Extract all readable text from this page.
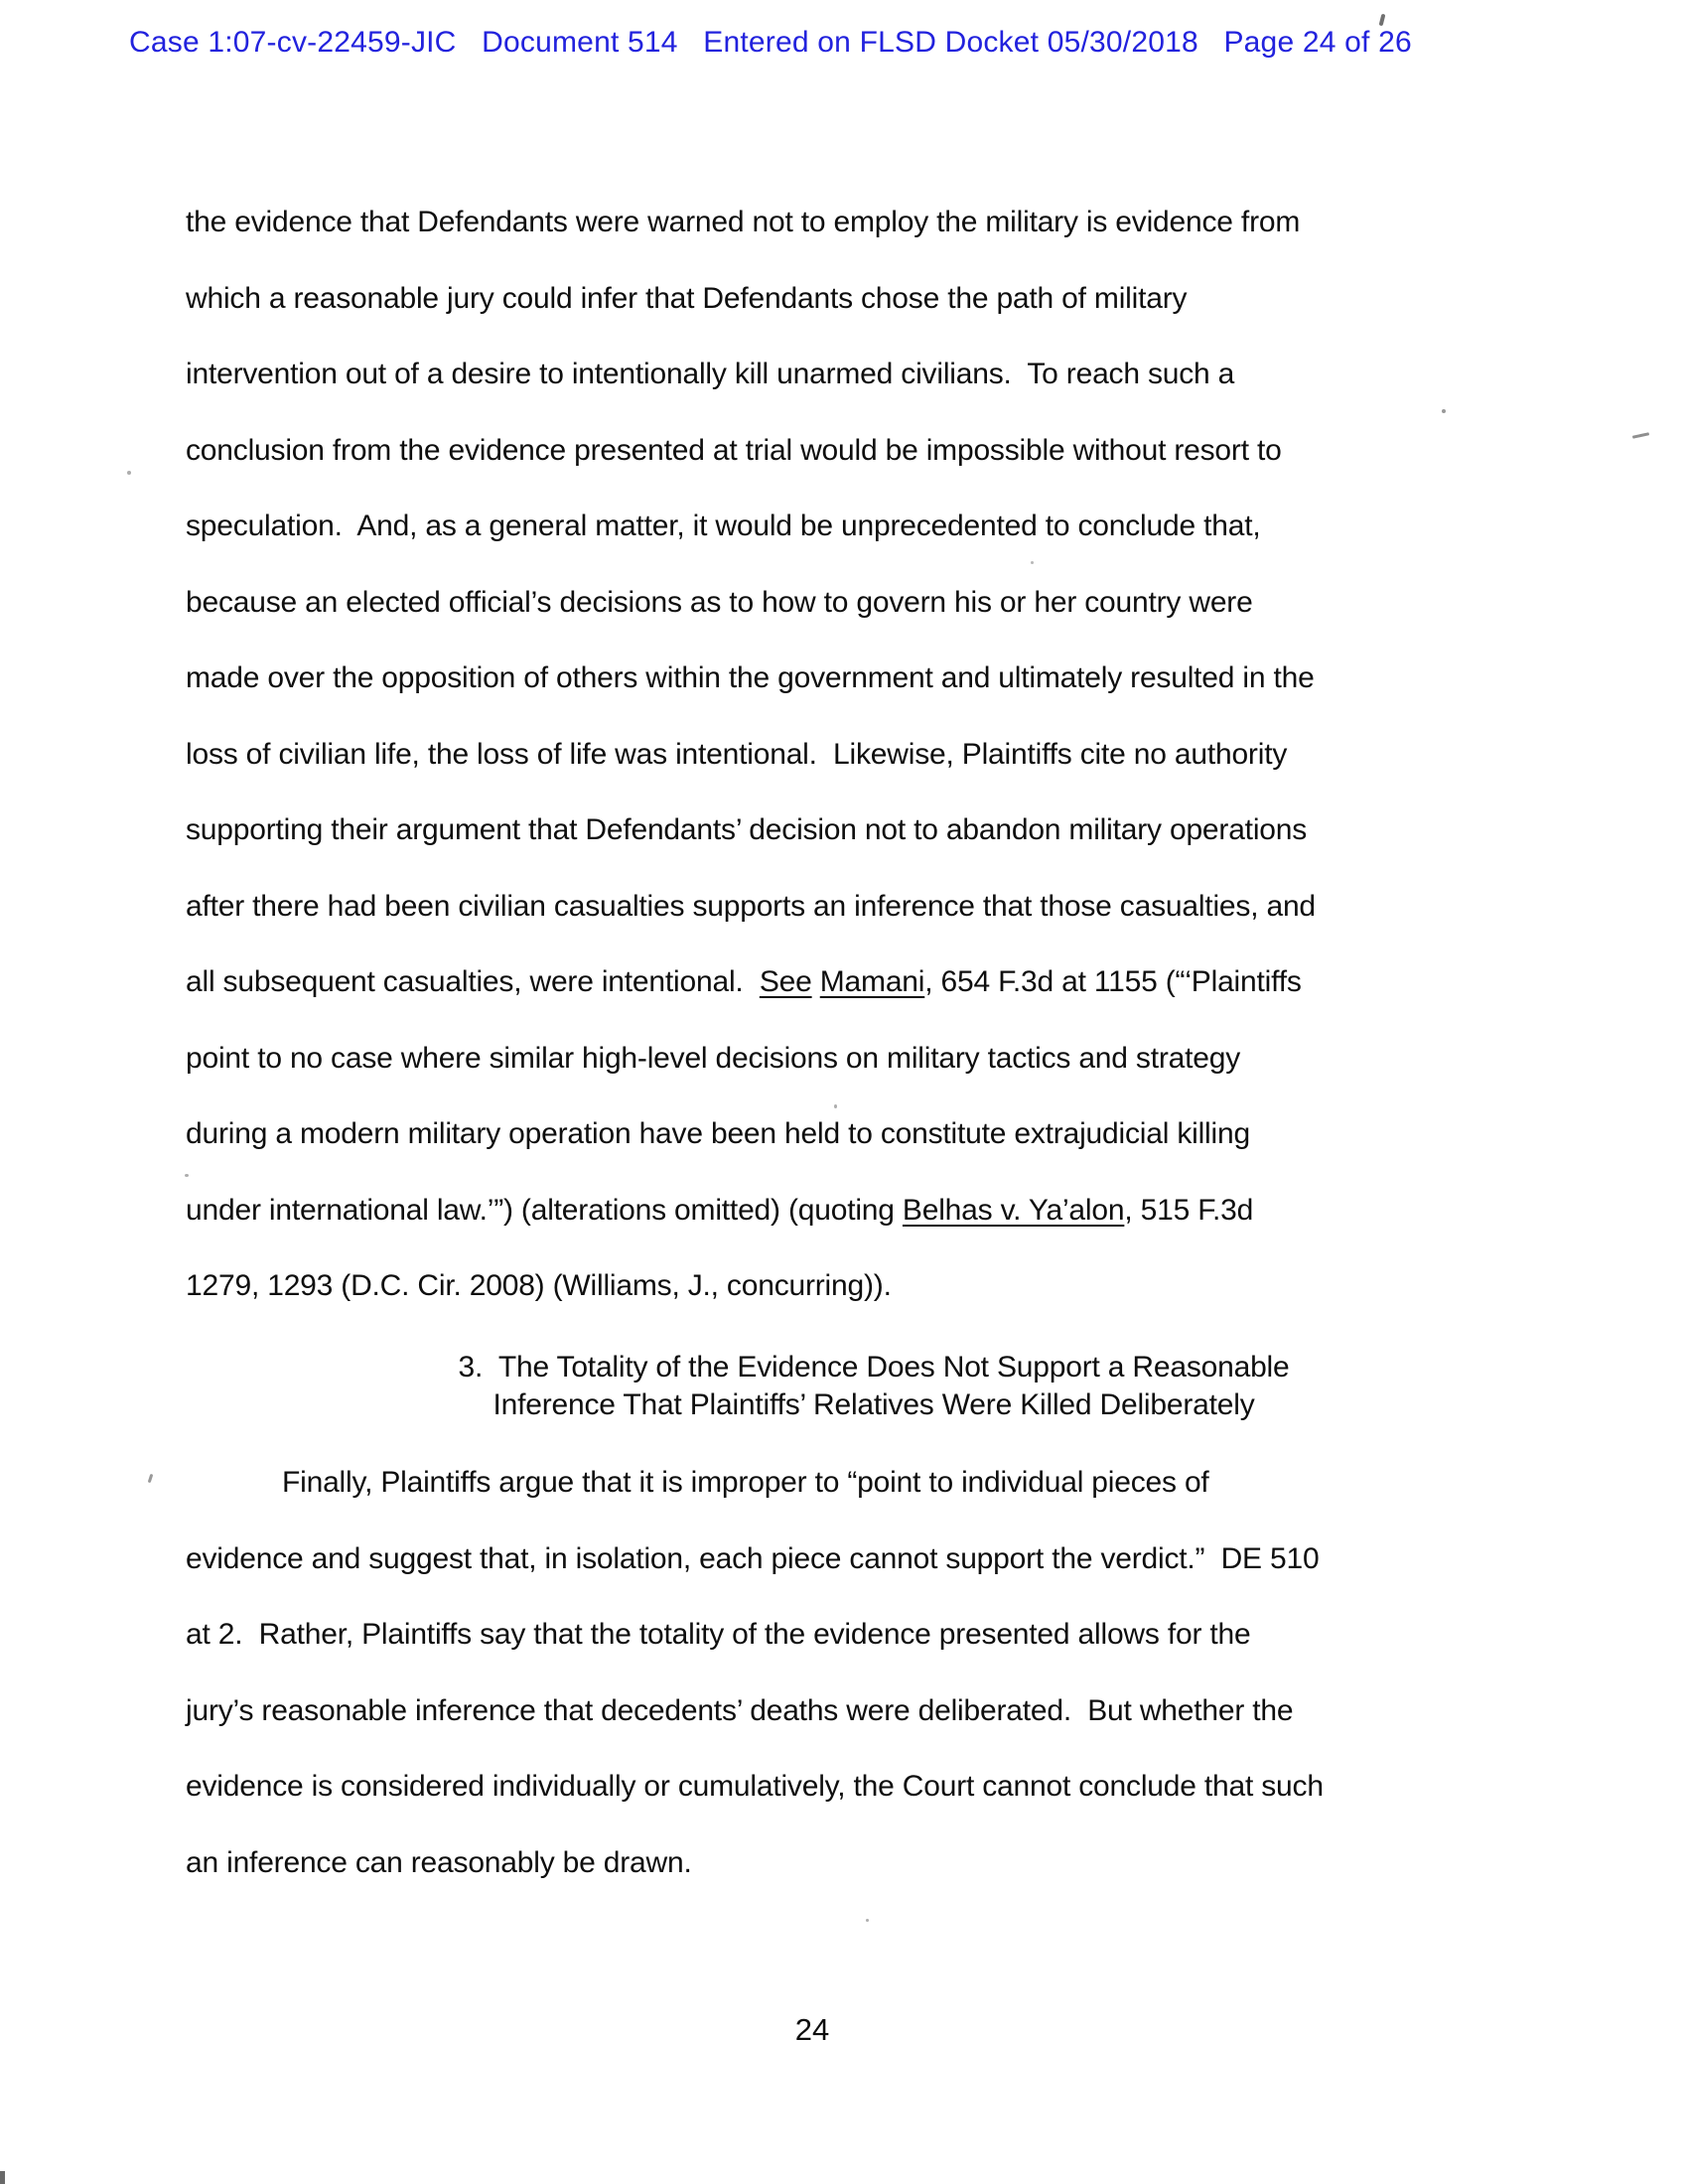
Case 1:07-cv-22459-JIC   Document 514   Entered on FLSD Docket 05/30/2018   Page 24 of 26
the evidence that Defendants were warned not to employ the military is evidence from
which a reasonable jury could infer that Defendants chose the path of military
intervention out of a desire to intentionally kill unarmed civilians.  To reach such a
conclusion from the evidence presented at trial would be impossible without resort to
speculation.  And, as a general matter, it would be unprecedented to conclude that,
because an elected official’s decisions as to how to govern his or her country were
made over the opposition of others within the government and ultimately resulted in the
loss of civilian life, the loss of life was intentional.  Likewise, Plaintiffs cite no authority
supporting their argument that Defendants’ decision not to abandon military operations
after there had been civilian casualties supports an inference that those casualties, and
all subsequent casualties, were intentional.  See Mamani, 654 F.3d at 1155 (“‘Plaintiffs
point to no case where similar high-level decisions on military tactics and strategy
during a modern military operation have been held to constitute extrajudicial killing
under international law.’”) (alterations omitted) (quoting Belhas v. Ya’alon, 515 F.3d
1279, 1293 (D.C. Cir. 2008) (Williams, J., concurring)).
3.  The Totality of the Evidence Does Not Support a Reasonable
Inference That Plaintiffs’ Relatives Were Killed Deliberately
Finally, Plaintiffs argue that it is improper to “point to individual pieces of
evidence and suggest that, in isolation, each piece cannot support the verdict.”  DE 510
at 2.  Rather, Plaintiffs say that the totality of the evidence presented allows for the
jury’s reasonable inference that decedents’ deaths were deliberated.  But whether the
evidence is considered individually or cumulatively, the Court cannot conclude that such
an inference can reasonably be drawn.
24
